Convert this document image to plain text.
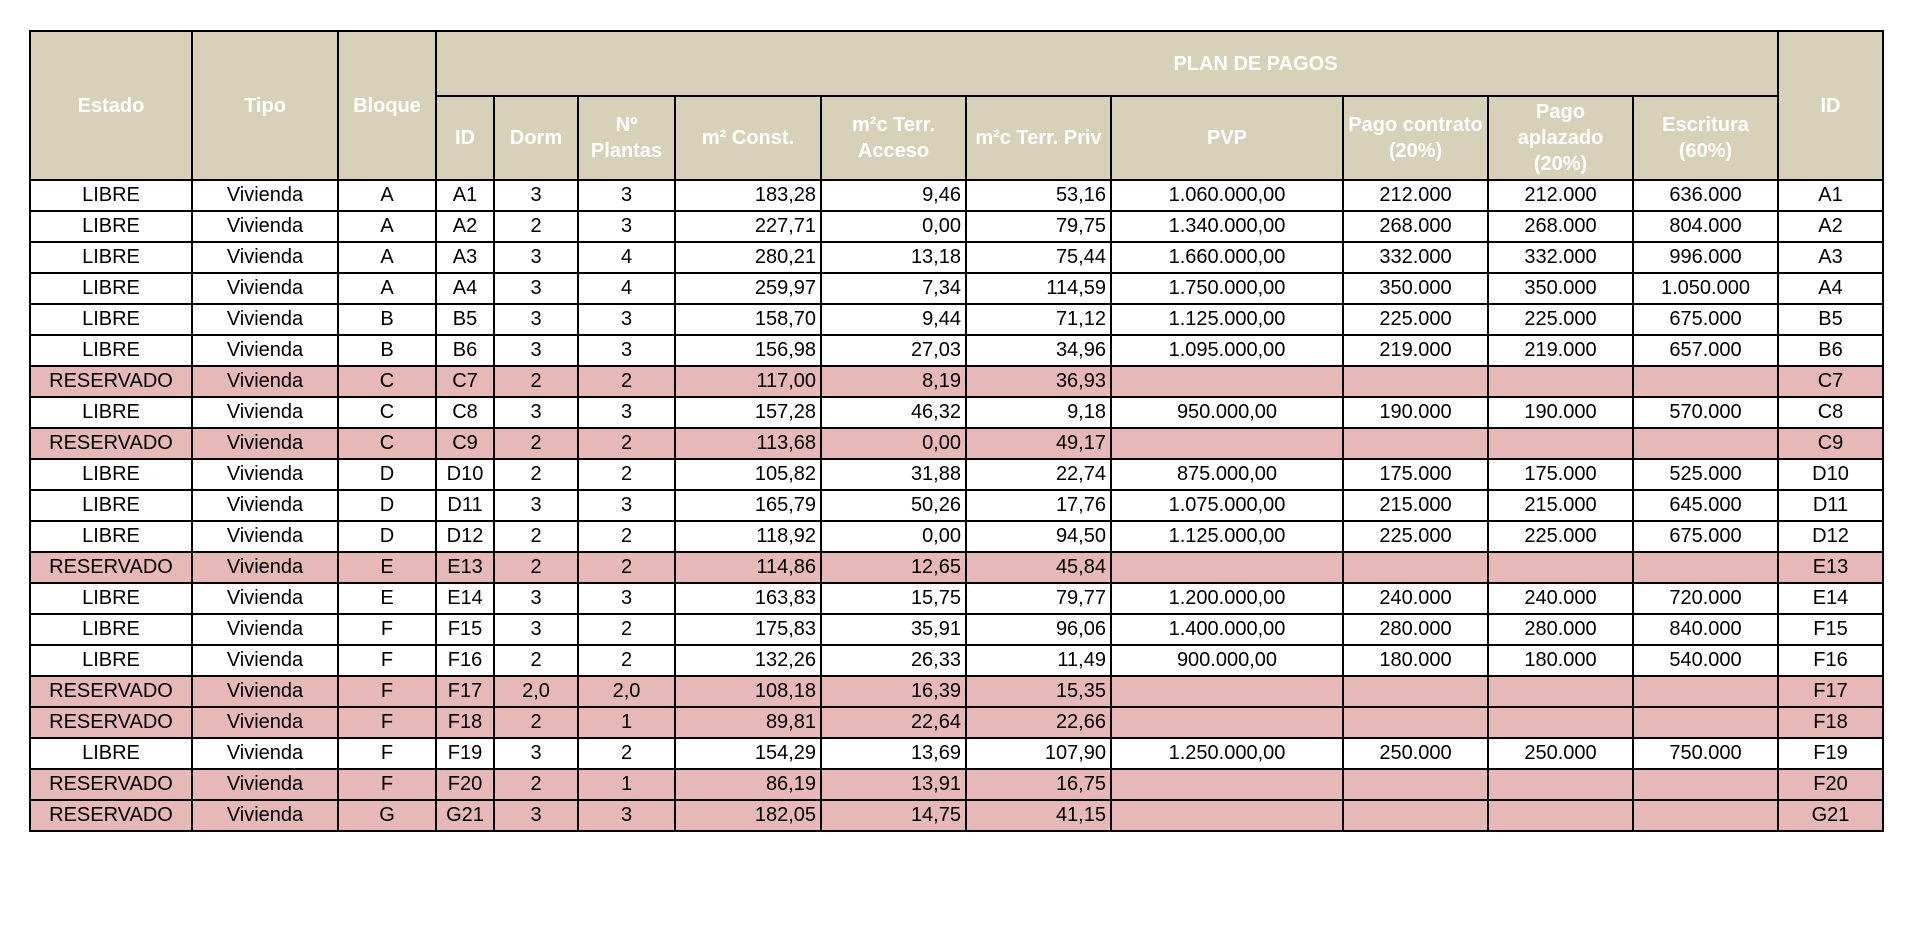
Estado	Tipo	Bloque	PLAN DE PAGOS										ID
			ID	Dorm	Nº Plantas	m² Const.	m²c Terr. Acceso	m²c Terr. Priv	PVP	Pago contrato (20%)	Pago aplazado (20%)	Escritura (60%)	
LIBRE	Vivienda	A	A1	3	3	183,28	9,46	53,16	1.060.000,00	212.000	212.000	636.000	A1
LIBRE	Vivienda	A	A2	2	3	227,71	0,00	79,75	1.340.000,00	268.000	268.000	804.000	A2
LIBRE	Vivienda	A	A3	3	4	280,21	13,18	75,44	1.660.000,00	332.000	332.000	996.000	A3
LIBRE	Vivienda	A	A4	3	4	259,97	7,34	114,59	1.750.000,00	350.000	350.000	1.050.000	A4
LIBRE	Vivienda	B	B5	3	3	158,70	9,44	71,12	1.125.000,00	225.000	225.000	675.000	B5
LIBRE	Vivienda	B	B6	3	3	156,98	27,03	34,96	1.095.000,00	219.000	219.000	657.000	B6
RESERVADO	Vivienda	C	C7	2	2	117,00	8,19	36,93					C7
LIBRE	Vivienda	C	C8	3	3	157,28	46,32	9,18	950.000,00	190.000	190.000	570.000	C8
RESERVADO	Vivienda	C	C9	2	2	113,68	0,00	49,17					C9
LIBRE	Vivienda	D	D10	2	2	105,82	31,88	22,74	875.000,00	175.000	175.000	525.000	D10
LIBRE	Vivienda	D	D11	3	3	165,79	50,26	17,76	1.075.000,00	215.000	215.000	645.000	D11
LIBRE	Vivienda	D	D12	2	2	118,92	0,00	94,50	1.125.000,00	225.000	225.000	675.000	D12
RESERVADO	Vivienda	E	E13	2	2	114,86	12,65	45,84					E13
LIBRE	Vivienda	E	E14	3	3	163,83	15,75	79,77	1.200.000,00	240.000	240.000	720.000	E14
LIBRE	Vivienda	F	F15	3	2	175,83	35,91	96,06	1.400.000,00	280.000	280.000	840.000	F15
LIBRE	Vivienda	F	F16	2	2	132,26	26,33	11,49	900.000,00	180.000	180.000	540.000	F16
RESERVADO	Vivienda	F	F17	2,0	2,0	108,18	16,39	15,35					F17
RESERVADO	Vivienda	F	F18	2	1	89,81	22,64	22,66					F18
LIBRE	Vivienda	F	F19	3	2	154,29	13,69	107,90	1.250.000,00	250.000	250.000	750.000	F19
RESERVADO	Vivienda	F	F20	2	1	86,19	13,91	16,75					F20
RESERVADO	Vivienda	G	G21	3	3	182,05	14,75	41,15					G21
